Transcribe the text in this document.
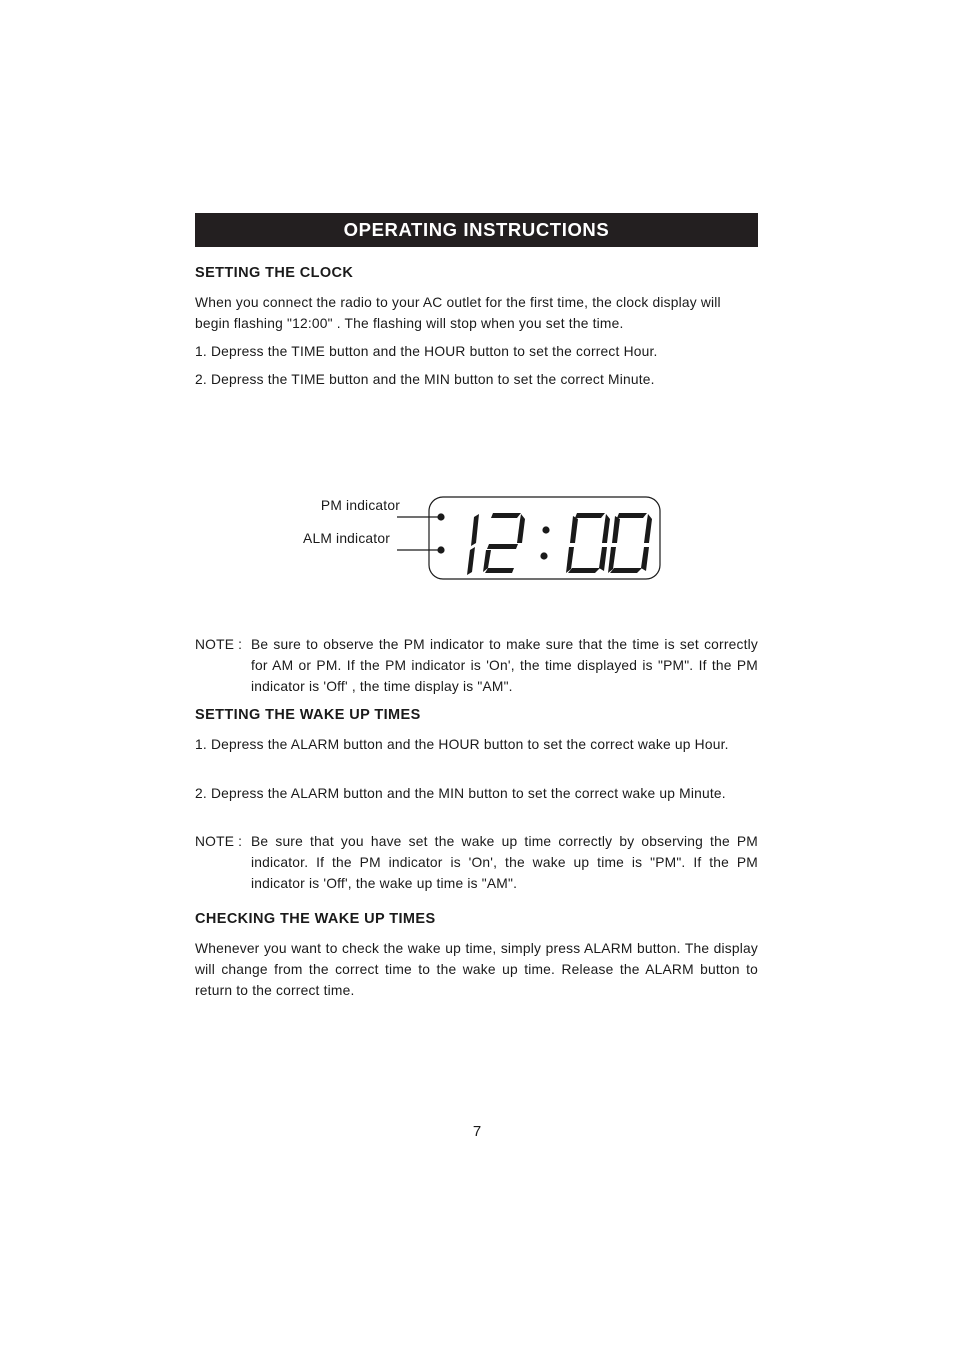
OPERATING INSTRUCTIONS
SETTING THE CLOCK

When you connect the radio to your AC outlet for the first time, the clock display will

begin flashing "12:00" . The flashing will stop when you set the time.

1. Depress the TIME button and the HOUR button to set the correct Hour.

2. Depress the TIME button and the MIN button to set the correct Minute.

PM indicator

ALM indicator

NOTE : Be sure to observe the PM indicator to make sure that the time is set correctly for AM or PM. If the PM indicator is 'On', the time displayed is "PM". If the PM indicator is 'Off' , the time display is "AM".

SETTING THE WAKE UP TIMES

1. Depress the ALARM button and the HOUR button to set the correct wake up Hour.

2. Depress the ALARM button and the MIN button to set the correct wake up Minute.

NOTE : Be sure that you have set the wake up time correctly by observing the PM indicator. If the PM indicator is 'On', the wake up time is "PM". If the PM indicator is 'Off', the wake up time is "AM".

CHECKING THE WAKE UP TIMES

Whenever you want to check the wake up time, simply press ALARM button. The display will change from the correct time to the wake up time. Release the ALARM button to return to the correct time.

7
